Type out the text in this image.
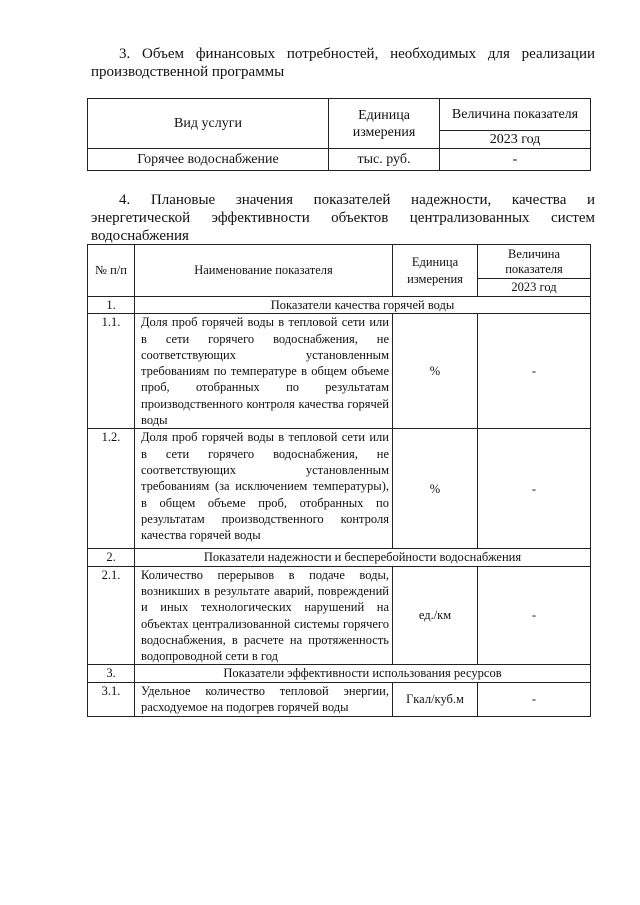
3. Объем финансовых потребностей, необходимых для реализации производственной программы
Вид услуги	Единица измерения	Величина показателя
		2023 год
Горячее водоснабжение	тыс. руб.	-
4. Плановые значения показателей надежности, качества и энергетической эффективности объектов централизованных систем водоснабжения
№ п/п	Наименование показателя	Единица измерения	Величина показателя
			2023 год
1.	Показатели качества горячей воды		
1.1.	Доля проб горячей воды в тепловой сети или в сети горячего водоснабжения, не соответствующих установленным требованиям по температуре в общем объеме проб, отобранных по результатам производственного контроля качества горячей воды	%	-
1.2.	Доля проб горячей воды в тепловой сети или в сети горячего водоснабжения, не соответствующих установленным требованиям (за исключением температуры), в общем объеме проб, отобранных по результатам производственного контроля качества горячей воды	%	-
2.	Показатели надежности и бесперебойности водоснабжения		
2.1.	Количество перерывов в подаче воды, возникших в результате аварий, повреждений и иных технологических нарушений на объектах централизованной системы горячего водоснабжения, в расчете на протяженность водопроводной сети в год	ед./км	-
3.	Показатели эффективности использования ресурсов		
3.1.	Удельное количество тепловой энергии, расходуемое на подогрев горячей воды	Гкал/куб.м	-
